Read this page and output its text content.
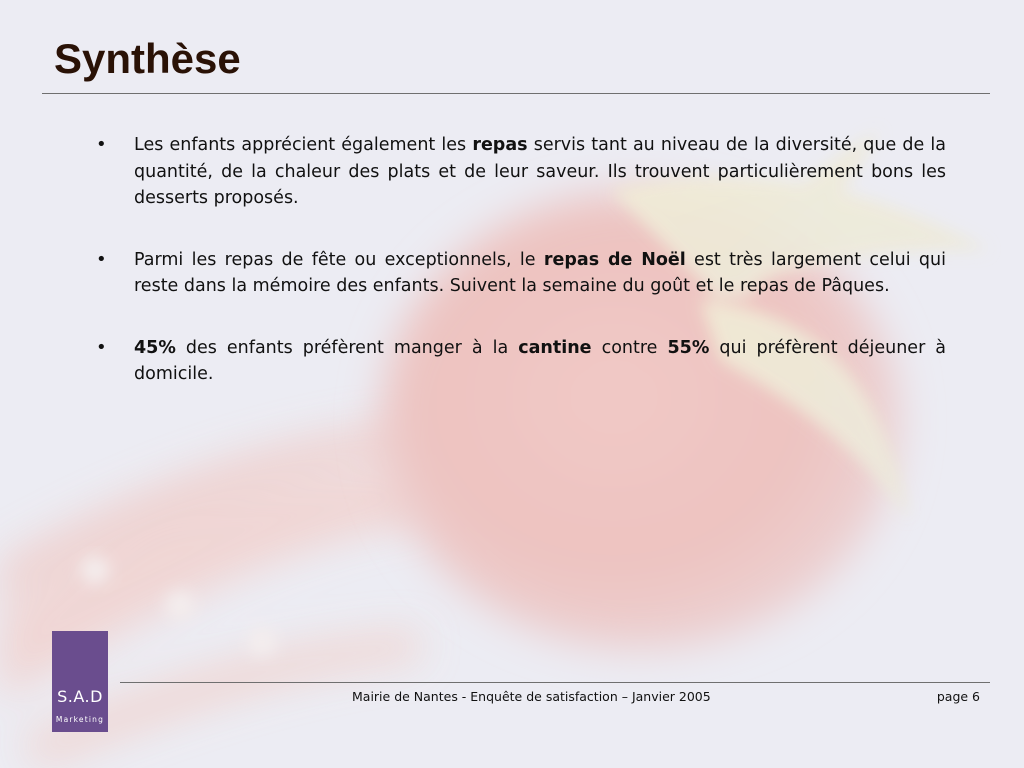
Synthèse
•	Les enfants apprécient également les repas servis tant au niveau de la diversité, que de la quantité, de la chaleur des plats et de leur saveur. Ils trouvent particulièrement bons les desserts proposés.
•	Parmi les repas de fête ou exceptionnels, le repas de Noël est très largement celui qui reste dans la mémoire des enfants. Suivent la semaine du goût et le repas de Pâques.
•	45% des enfants préfèrent manger à la cantine contre 55% qui préfèrent déjeuner à domicile.
S.A.D
Marketing
Mairie de Nantes - Enquête de satisfaction – Janvier 2005	page 6
